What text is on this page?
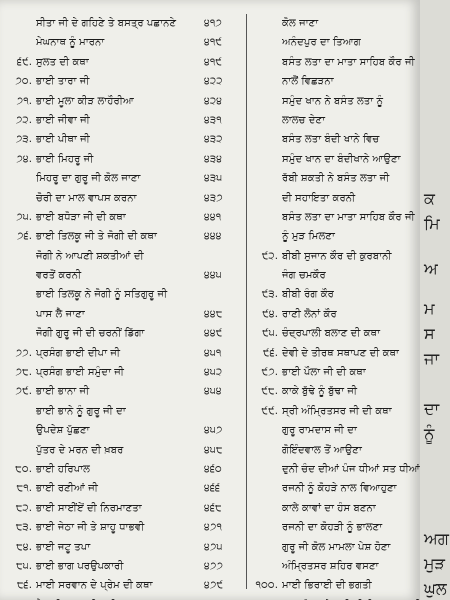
ਸੀਤਾ ਜੀ ਦੇ ਗਹਿਣੇ ਤੇ ਬਸਤ੍ਰ ਪਛਾਨਣੇ	੪੧੭
ਮੇਘਨਾਥ ਨੂੰ ਮਾਰਨਾ	੪੧੯
੬੯. ਸੁਲਤ ਦੀ ਕਥਾ	੪੧੯
੭੦. ਭਾਈ ਤਾਰਾ ਜੀ	੪੨੨
੭੧. ਭਾਈ ਮੂਲਾ ਕੀੜ ਲਾਹੌਰੀਆ	੪੨੪
੭੨. ਭਾਈ ਜੀਵਾ ਜੀ	੪੩੧
੭੩. ਭਾਈ ਪੀਥਾ ਜੀ	੪੩੨
੭੪. ਭਾਈ ਮਿਹਰੂ ਜੀ	੪੩੪
ਮਿਹਰੂ ਦਾ ਗੁਰੂ ਜੀ ਕੋਲ ਜਾਣਾ	੪੩੫
ਚੋਰੀ ਦਾ ਮਾਲ ਵਾਪਸ ਕਰਨਾ	੪੩੭
੭੫. ਭਾਈ ਬਧੋੜਾ ਜੀ ਦੀ ਕਥਾ	੪੪੧
੭੬. ਭਾਈ ਤਿਲਕੂ ਜੀ ਤੇ ਜੋਗੀ ਦੀ ਕਥਾ	੪੪੪
ਜੋਗੀ ਨੇ ਆਪਣੀ ਸ਼ਕਤੀਆਂ ਦੀ
ਵਰਤੋਂ ਕਰਨੀ	੪੪੫
ਭਾਈ ਤਿਲਕੂ ਨੇ ਜੋਗੀ ਨੂੰ ਸਤਿਗੁਰੂ ਜੀ
ਪਾਸ ਲੈ ਜਾਣਾ	੪੪੮
ਜੋਗੀ ਗੁਰੂ ਜੀ ਦੀ ਚਰਨੀਂ ਡਿੱਗਾ	੪੪੯
੭੭. ਪ੍ਰਸੰਗ ਭਾਈ ਦੀਪਾ ਜੀ	੪੫੧
੭੮. ਪ੍ਰਸੰਗ ਭਾਈ ਸਮੁੰਦਾ ਜੀ	੪੫੨
੭੯. ਭਾਈ ਭਾਨਾ ਜੀ	੪੫੪
ਭਾਈ ਭਾਨੇ ਨੂੰ ਗੁਰੂ ਜੀ ਦਾ
ਉਪਦੇਸ਼ ਪੁੱਛਣਾ	੪੫੭
ਪੁੱਤਰ ਦੇ ਮਰਨ ਦੀ ਖ਼ਬਰ	੪੫੮
੮੦. ਭਾਈ ਹਰਿਪਾਲ	੪੬੦
੮੧. ਭਾਈ ਰਣੀਆਂ ਜੀ	੪੬੬
੮੨. ਭਾਈ ਸਾਈਂਏਂ ਦੀ ਨਿਰਮਾਣਤਾ	੪੬੮
੮੩. ਭਾਈ ਜੇਠਾ ਜੀ ਤੇ ਸ਼ਾਹੂ ਧਾਭਵੀ	੪੭੧
੮੪. ਭਾਈ ਜਟੂ ਤਪਾ	੪੭੫
੮੫. ਭਾਈ ਭਾਗ ਪਰਉਪਕਾਰੀ	੪੭੭
੮੬. ਮਾਈ ਸਰਵਾਨ ਦੇ ਪ੍ਰੇਮ ਦੀ ਕਥਾ	੪੭੯
ਕੋਲ ਜਾਣਾ
ਅਨੰਦਪੁਰ ਦਾ ਤਿਆਗ
ਬਸੰਤ ਲਤਾ ਦਾ ਮਾਤਾ ਸਾਹਿਬ ਕੌਰ ਜੀ
ਨਾਲੋਂ ਵਿਛੜਨਾ
ਸਮੁੰਦ ਖਾਨ ਨੇ ਬਸੰਤ ਲਤਾ ਨੂੰ
ਲਾਲਚ ਦੇਣਾ
ਬਸੰਤ ਲਤਾ ਬੰਦੀ ਖਾਨੇ ਵਿਚ
ਸਮੁੰਦ ਖਾਨ ਦਾ ਬੰਦੀਖਾਨੇ ਆਉਣਾ
ਰੱਬੀ ਸ਼ਕਤੀ ਨੇ ਬਸੰਤ ਲਤਾ ਜੀ
ਦੀ ਸਹਾਇਤਾ ਕਰਨੀ
ਬਸੰਤ ਲਤਾ ਦਾ ਮਾਤਾ ਸਾਹਿਬ ਕੌਰ ਜੀ
ਨੂੰ ਮੁੜ ਮਿਲਣਾ
੯੨. ਬੀਬੀ ਸੁਜਾਨ ਕੌਰ ਦੀ ਕੁਰਬਾਨੀ
ਜੰਗ ਚਮਕੌਰ
੯੩. ਬੀਬੀ ਰੰਗ ਕੌਰ
੯੪. ਰਾਣੀ ਲੋਨਾਂ ਕੌਰ
੯੫. ਚੰਦ੍ਰਪਾਲੀ ਬਲਾਣ ਦੀ ਕਥਾ
੯੬. ਦੇਵੀ ਦੇ ਤੀਰਥ ਸਥਾਪਣ ਦੀ ਕਥਾ
੯੭. ਭਾਈ ਪੌਲਾ ਜੀ ਦੀ ਕਥਾ
੯੮. ਕਾਕੇ ਬੁੱਢੇ ਨੂੰ ਬੁੱਢਾ ਜੀ
੯੯. ਸ੍ਰੀ ਅੰਮ੍ਰਿਤਸਰ ਜੀ ਦੀ ਕਥਾ
ਗੁਰੂ ਰਾਮਦਾਸ ਜੀ ਦਾ
ਗੋਇੰਦਵਾਲ ਤੋਂ ਆਉਣਾ
ਦੁਨੀ ਚੰਦ ਦੀਆਂ ਪੰਜ ਧੀਆਂ ਸਤ ਧੀਆਂ
ਰਜਨੀ ਨੂੰ ਕੋਹੜੇ ਨਾਲ ਵਿਆਹੁਣਾ
ਕਾਲੇ ਕਾਵਾਂ ਦਾ ਹੰਸ ਬਣਨਾ
ਰਜਨੀ ਦਾ ਕੋਹੜੀ ਨੂੰ ਭਾਲਣਾ
ਗੁਰੂ ਜੀ ਕੋਲ ਮਾਮਲਾ ਪੇਸ਼ ਹੋਣਾ
ਅੰਮ੍ਰਿਤਸਰ ਸ਼ਹਿਰ ਵਸਣਾ
੧੦੦. ਮਾਈ ਭਿਰਾਈ ਦੀ ਭਗਤੀ
ਕ
ਮਿ
ਅ
ਮ
ਸ
ਜਾ
ਦਾ
ਨੂੰ
ਅਗ
ਮੁੜ
ਘੁਲ
